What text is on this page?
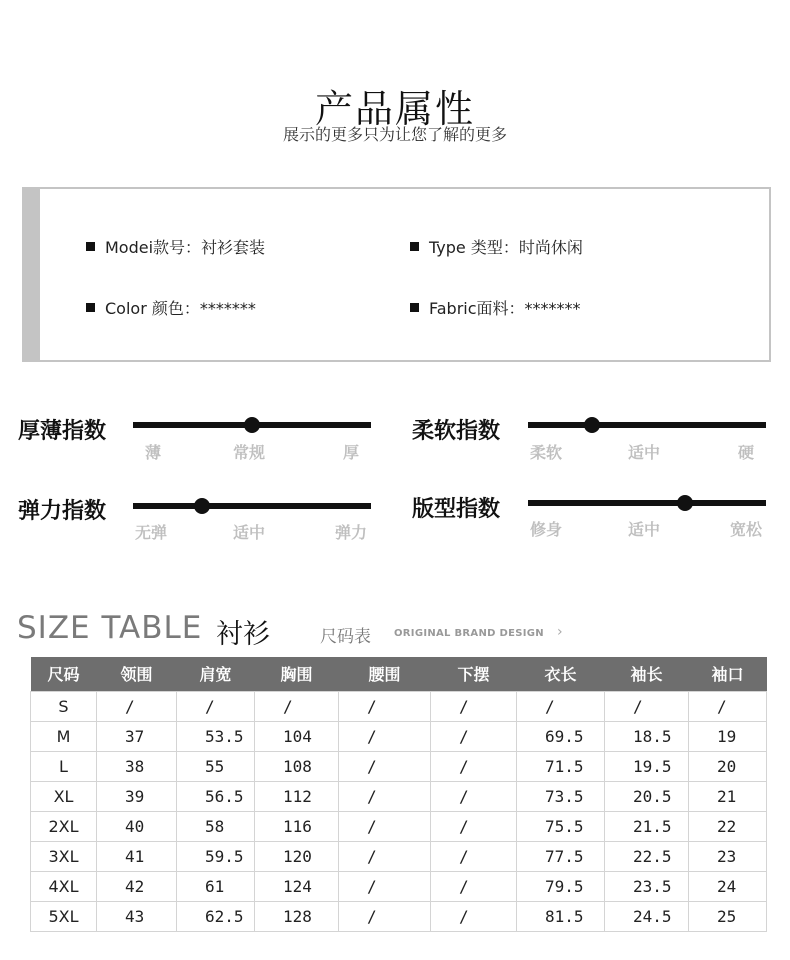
产品属性
展示的更多只为让您了解的更多
Modei款号：衬衫套装	Type 类型：时尚休闲
Color 颜色：*******	Fabric面料：*******
厚薄指数
薄	常规	厚
柔软指数
柔软	适中	硬
弹力指数
无弹	适中	弹力
版型指数
修身	适中	宽松
SIZE TABLE 衬衫	尺码表 ORIGINAL BRAND DESIGN ›
尺码	领围	肩宽	胸围	腰围	下摆	衣长	袖长	袖口
S	/	/	/	/	/	/	/	/
M	37	53.5	104	/	/	69.5	18.5	19
L	38	55	108	/	/	71.5	19.5	20
XL	39	56.5	112	/	/	73.5	20.5	21
2XL	40	58	116	/	/	75.5	21.5	22
3XL	41	59.5	120	/	/	77.5	22.5	23
4XL	42	61	124	/	/	79.5	23.5	24
5XL	43	62.5	128	/	/	81.5	24.5	25
